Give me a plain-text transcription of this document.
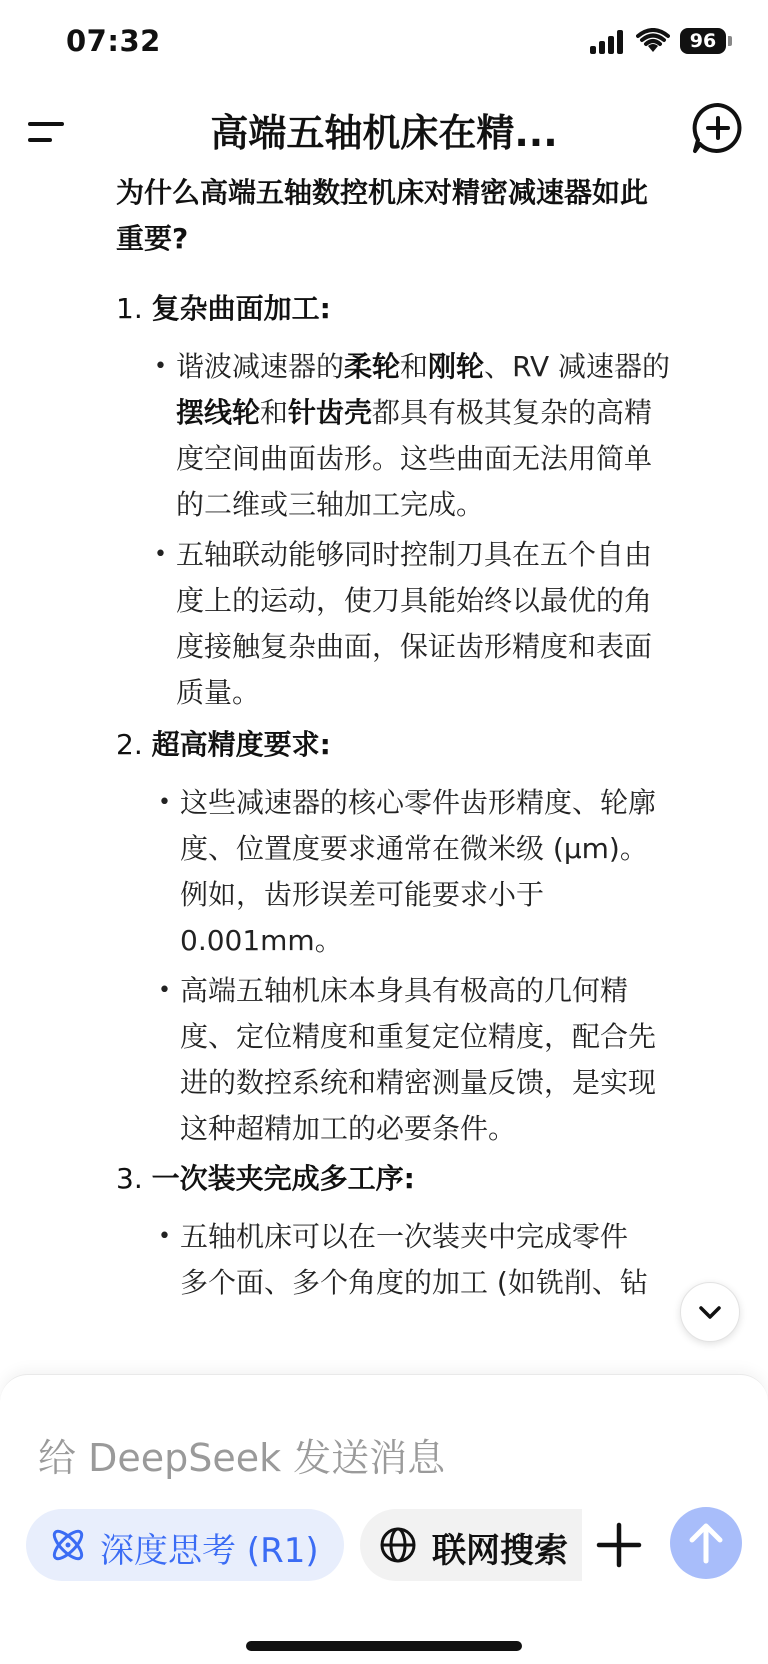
07:32	96
高端五轴机床在精...
为什么高端五轴数控机床对精密减速器如此
重要?
1. 复杂曲面加工:
• 谐波减速器的柔轮和刚轮、RV 减速器的

摆线轮和针齿壳都具有极其复杂的高精

度空间曲面齿形。这些曲面无法用简单

的二维或三轴加工完成。

• 五轴联动能够同时控制刀具在五个自由

度上的运动，使刀具能始终以最优的角

度接触复杂曲面，保证齿形精度和表面

质量。

2. 超高精度要求:
• 这些减速器的核心零件齿形精度、轮廓

度、位置度要求通常在微米级 (µm)。

例如，齿形误差可能要求小于

0.001mm。

• 高端五轴机床本身具有极高的几何精

度、定位精度和重复定位精度，配合先

进的数控系统和精密测量反馈，是实现

这种超精加工的必要条件。

3. 一次装夹完成多工序:
• 五轴机床可以在一次装夹中完成零件

多个面、多个角度的加工 (如铣削、钻

给 DeepSeek 发送消息
深度思考 (R1)	联网搜索
